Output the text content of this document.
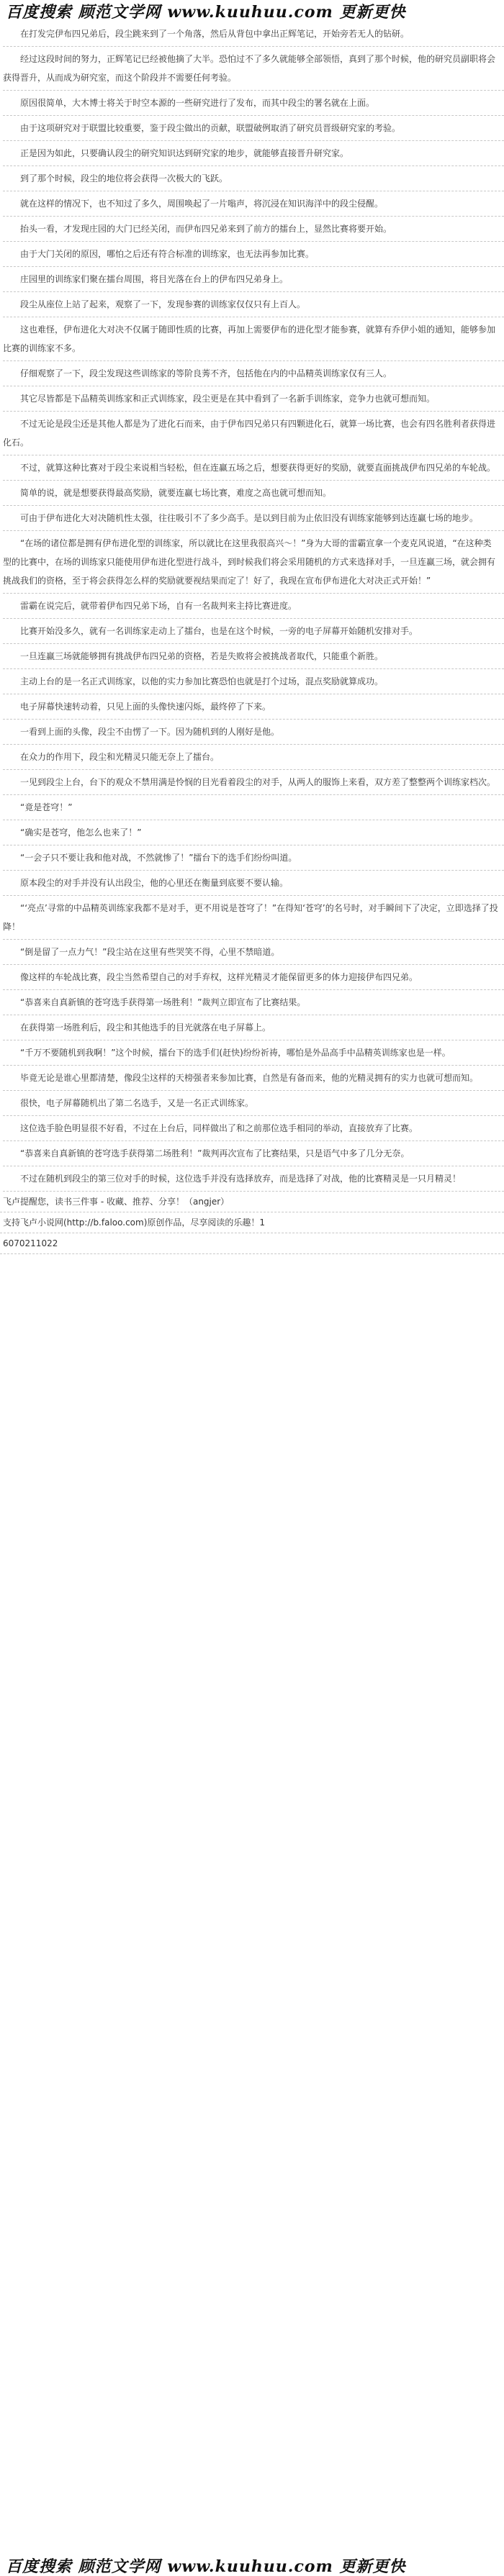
百度搜索 顾范文学网 www.kuuhuu.com 更新更快

在打发完伊布四兄弟后，段尘跳来到了一个角落，然后从背包中拿出正辉笔记，开始旁若无人的钻研。

经过这段时间的努力，正辉笔记已经被他摘了大半。恐怕过不了多久就能够全部领悟，真到了那个时候，他的研究员副职将会获得晋升，从而成为研究室，而这个阶段并不需要任何考验。

原因很简单，大木博士将关于时空本源的一些研究进行了发布，而其中段尘的署名就在上面。

由于这项研究对于联盟比较重要，鉴于段尘做出的贡献，联盟破例取消了研究员晋级研究家的考验。

正是因为如此，只要确认段尘的研究知识达到研究家的地步，就能够直接晋升研究家。

到了那个时候，段尘的地位将会获得一次极大的飞跃。

就在这样的情况下，也不知过了多久，周围唤起了一片嗡声，将沉浸在知识海洋中的段尘侵醒。

抬头一看，才发现庄园的大门已经关闭，而伊布四兄弟来到了前方的擂台上，显然比赛将要开始。

由于大门关闭的原因，哪怕之后还有符合标准的训练家，也无法再参加比赛。

庄园里的训练家们聚在擂台周围，将目光落在台上的伊布四兄弟身上。

段尘从座位上站了起来，观察了一下，发现参赛的训练家仅仅只有上百人。

这也难怪，伊布进化大对决不仅属于随即性质的比赛，再加上需要伊布的进化型才能参赛，就算有乔伊小姐的通知，能够参加比赛的训练家不多。

仔细观察了一下，段尘发现这些训练家的等阶良莠不齐，包括他在内的中品精英训练家仅有三人。

其它尽皆都是下品精英训练家和正式训练家，段尘更是在其中看到了一名新手训练家，竞争力也就可想而知。

不过无论是段尘还是其他人都是为了进化石而来，由于伊布四兄弟只有四颗进化石，就算一场比赛，也会有四名胜利者获得进化石。

不过，就算这种比赛对于段尘来说相当轻松，但在连赢五场之后，想要获得更好的奖励，就要直面挑战伊布四兄弟的车轮战。

简单的说，就是想要获得最高奖励，就要连赢七场比赛，难度之高也就可想而知。

可由于伊布进化大对决随机性太强，往往吸引不了多少高手。是以到目前为止依旧没有训练家能够到达连赢七场的地步。

“在场的诸位都是拥有伊布进化型的训练家，所以就比在这里我很高兴～！”身为大哥的雷霸宣拿一个麦克风说道，“在这种类型的比赛中，在场的训练家只能使用伊布进化型进行战斗，到时候我们将会采用随机的方式来选择对手，一旦连赢三场，就会拥有挑战我们的资格，至于将会获得怎么样的奖励就要视结果而定了！好了，我现在宣布伊布进化大对决正式开始！”

雷霸在说完后，就带着伊布四兄弟下场，自有一名裁判来主持比赛进度。

比赛开始没多久，就有一名训练家走动上了擂台，也是在这个时候，一旁的电子屏幕开始随机安排对手。

一旦连赢三场就能够拥有挑战伊布四兄弟的资格，若是失败将会被挑战者取代，只能重个新胜。

主动上台的是一名正式训练家，以他的实力参加比赛恐怕也就是打个过场，混点奖励就算成功。

电子屏幕快速转动着，只见上面的头像快速闪烁，最终停了下来。

一看到上面的头像，段尘不由愣了一下。因为随机到的人刚好是他。

在众力的作用下，段尘和光精灵只能无奈上了擂台。

一见到段尘上台，台下的观众不禁用满是怜悯的目光看着段尘的对手，从两人的服饰上来看，双方差了整整两个训练家档次。

“竟是苍穹！”

“确实是苍穹，他怎么也来了！”

“一会子只不要让我和他对战，不然就惨了！”擂台下的选手们纷纷叫道。

原本段尘的对手并没有认出段尘，他的心里还在衡量到底要不要认输。

“‘亮点’寻常的中品精英训练家我都不是对手，更不用说是苍穹了！”在得知‘苍穹’的名号时，对手瞬间下了决定，立即选择了投降！

“倒是留了一点力气！”段尘站在这里有些哭笑不得，心里不禁暗道。

像这样的车轮战比赛，段尘当然希望自己的对手弃权，这样光精灵才能保留更多的体力迎接伊布四兄弟。

“恭喜来自真新镇的苍穹选手获得第一场胜利！”裁判立即宣布了比赛结果。

在获得第一场胜利后，段尘和其他选手的目光就落在电子屏幕上。

“千万不要随机到我啊！”这个时候，擂台下的选手们(赶快)纷纷祈祷，哪怕是外品高手中品精英训练家也是一样。

毕竟无论是谁心里都清楚，像段尘这样的天榜强者来参加比赛，自然是有备而来，他的光精灵拥有的实力也就可想而知。

很快，电子屏幕随机出了第二名选手，又是一名正式训练家。

这位选手脸色明显很不好看，不过在上台后，同样做出了和之前那位选手相同的举动，直接放弃了比赛。

“恭喜来自真新镇的苍穹选手获得第二场胜利！”裁判再次宣布了比赛结果，只是语气中多了几分无奈。

不过在随机到段尘的第三位对手的时候，这位选手并没有选择放弃，而是选择了对战，他的比赛精灵是一只月精灵！

飞卢提醒您，读书三件事 - 收藏、推荐、分享！（angjer）
支持飞卢小说网(http://b.faloo.com)原创作品，尽享阅读的乐趣！1
6070211022
百度搜索 顾范文学网 www.kuuhuu.com 更新更快
